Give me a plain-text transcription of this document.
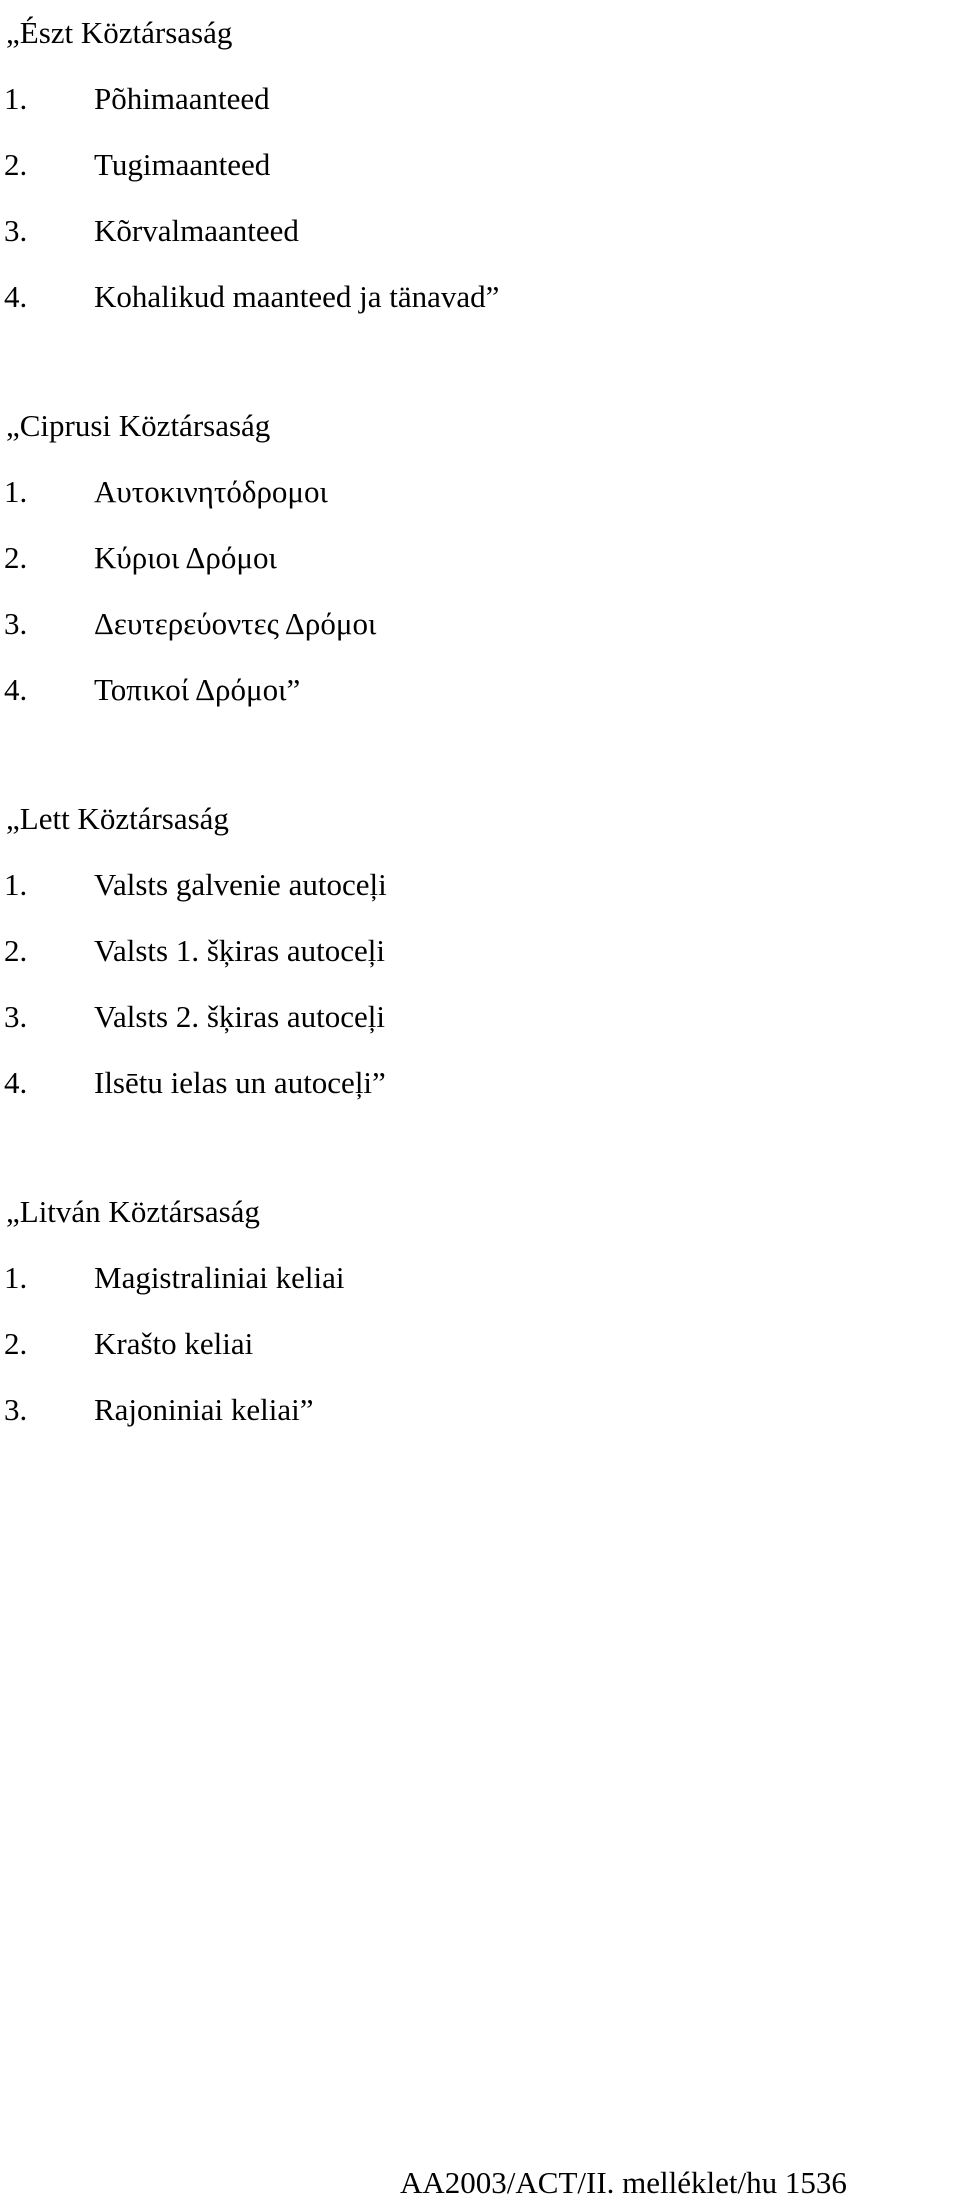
„Észt Köztársaság
1. Põhimaanteed
2. Tugimaanteed
3. Kõrvalmaanteed
4. Kohalikud maanteed ja tänavad”
„Ciprusi Köztársaság
1. Αυτοκινητόδρομοι
2. Κύριοι Δρόμοι
3. Δευτερεύοντες Δρόμοι
4. Τοπικοί Δρόμοι”
„Lett Köztársaság
1. Valsts galvenie autoceļi
2. Valsts 1. šķiras autoceļi
3. Valsts 2. šķiras autoceļi
4. Ilsētu ielas un autoceļi”
„Litván Köztársaság
1. Magistraliniai keliai
2. Krašto keliai
3. Rajoniniai keliai”
AA2003/ACT/II. melléklet/hu 1536
